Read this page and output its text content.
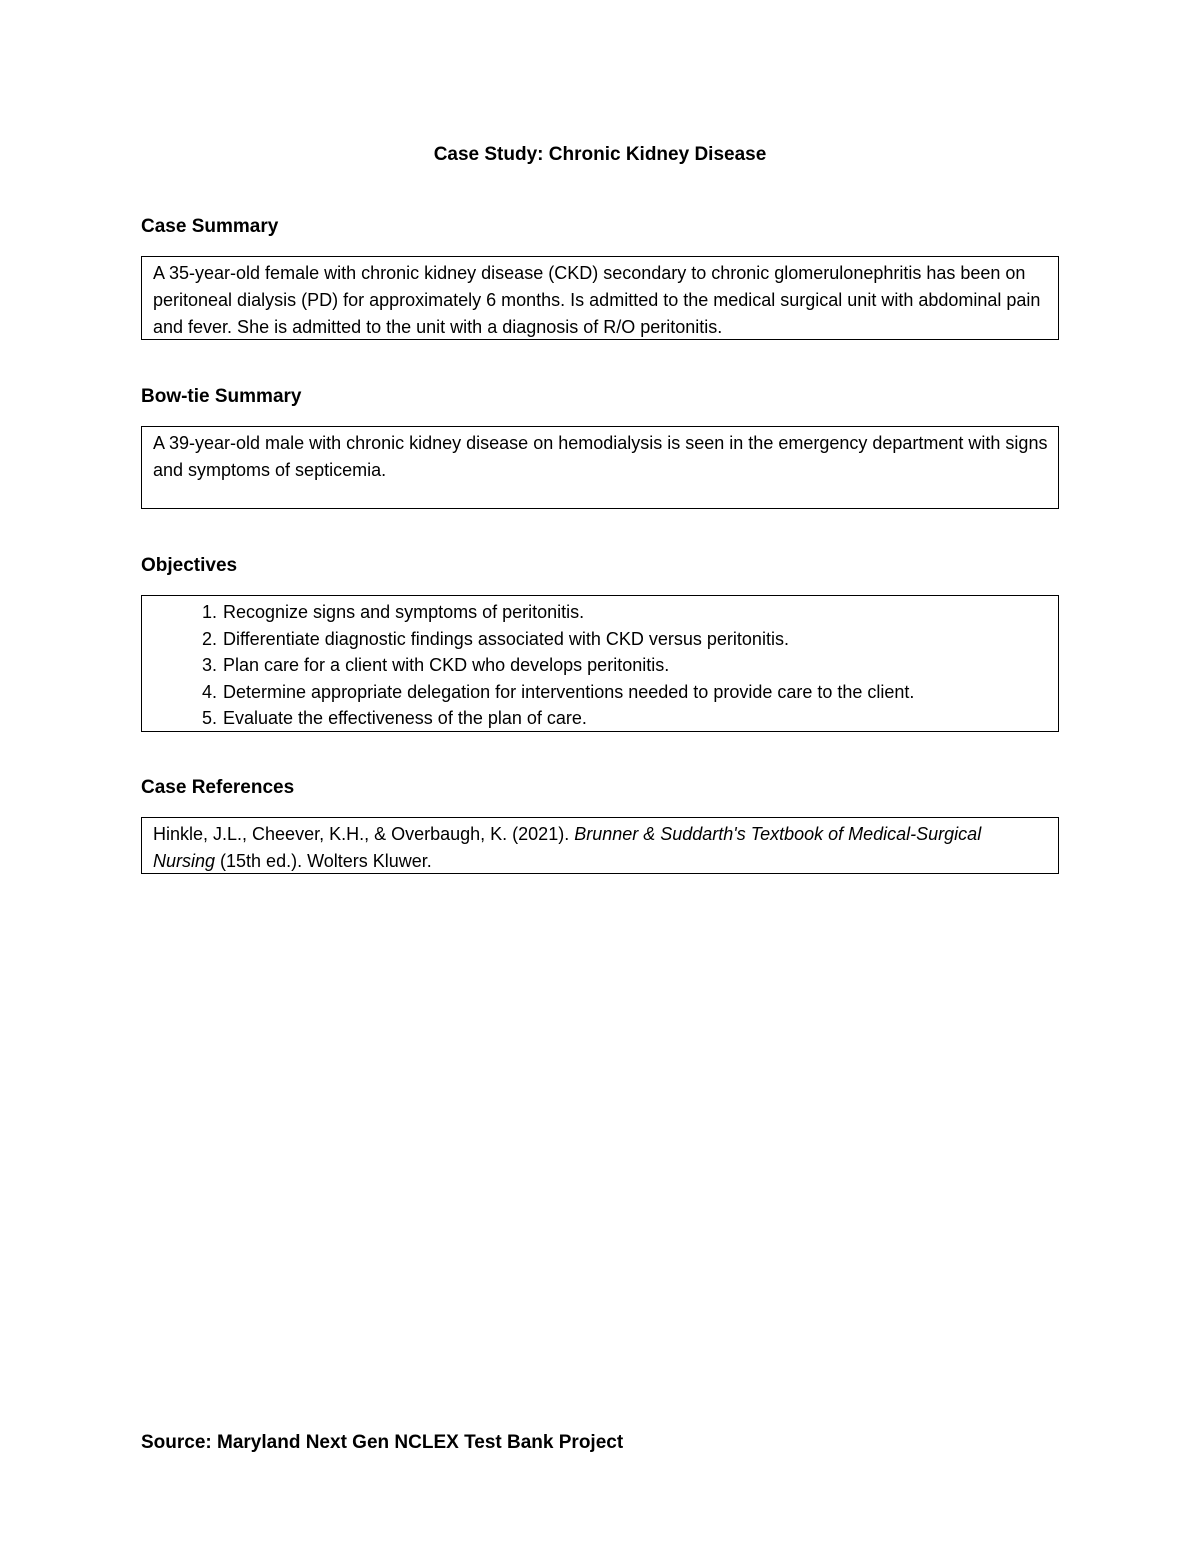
Case Study: Chronic Kidney Disease
Case Summary

A 35-year-old female with chronic kidney disease (CKD) secondary to chronic glomerulonephritis has been on peritoneal dialysis (PD) for approximately 6 months. Is admitted to the medical surgical unit with abdominal pain and fever. She is admitted to the unit with a diagnosis of R/O peritonitis.

Bow-tie Summary

A 39-year-old male with chronic kidney disease on hemodialysis is seen in the emergency department with signs and symptoms of septicemia.

Objectives
1. Recognize signs and symptoms of peritonitis.
2. Differentiate diagnostic findings associated with CKD versus peritonitis.
3. Plan care for a client with CKD who develops peritonitis.
4. Determine appropriate delegation for interventions needed to provide care to the client.
5. Evaluate the effectiveness of the plan of care.
Case References

Hinkle, J.L., Cheever, K.H., & Overbaugh, K. (2021). Brunner & Suddarth's Textbook of Medical-Surgical Nursing (15th ed.). Wolters Kluwer.

Source: Maryland Next Gen NCLEX Test Bank Project
